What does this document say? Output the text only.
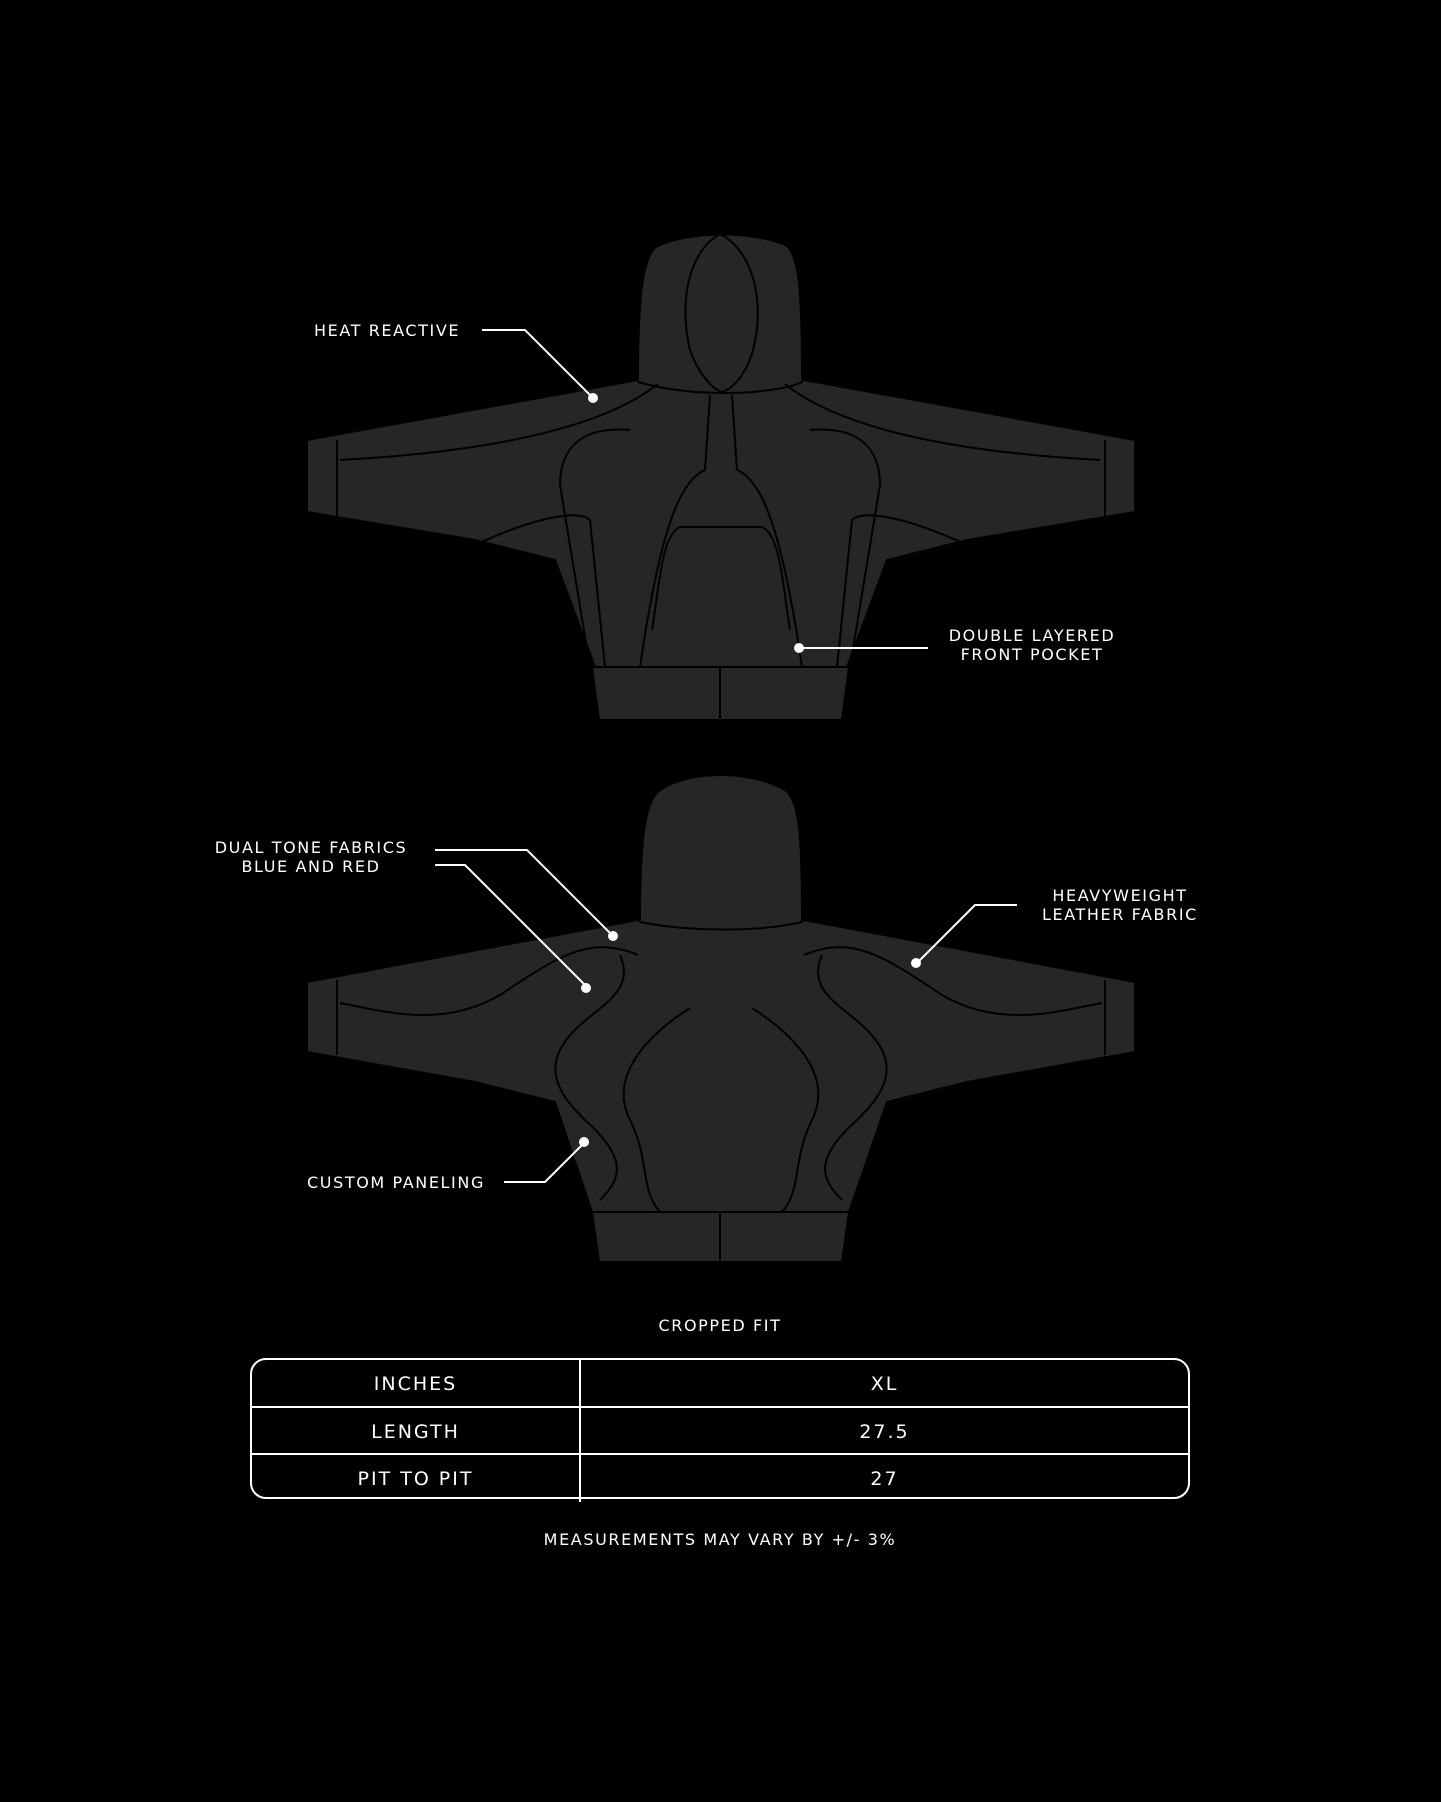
HEAT REACTIVE
DOUBLE LAYERED
FRONT POCKET
DUAL TONE FABRICS
BLUE AND RED
HEAVYWEIGHT
LEATHER FABRIC
CUSTOM PANELING
CROPPED FIT
INCHES	XL
LENGTH	27.5
PIT TO PIT	27
MEASUREMENTS MAY VARY BY +/- 3%
